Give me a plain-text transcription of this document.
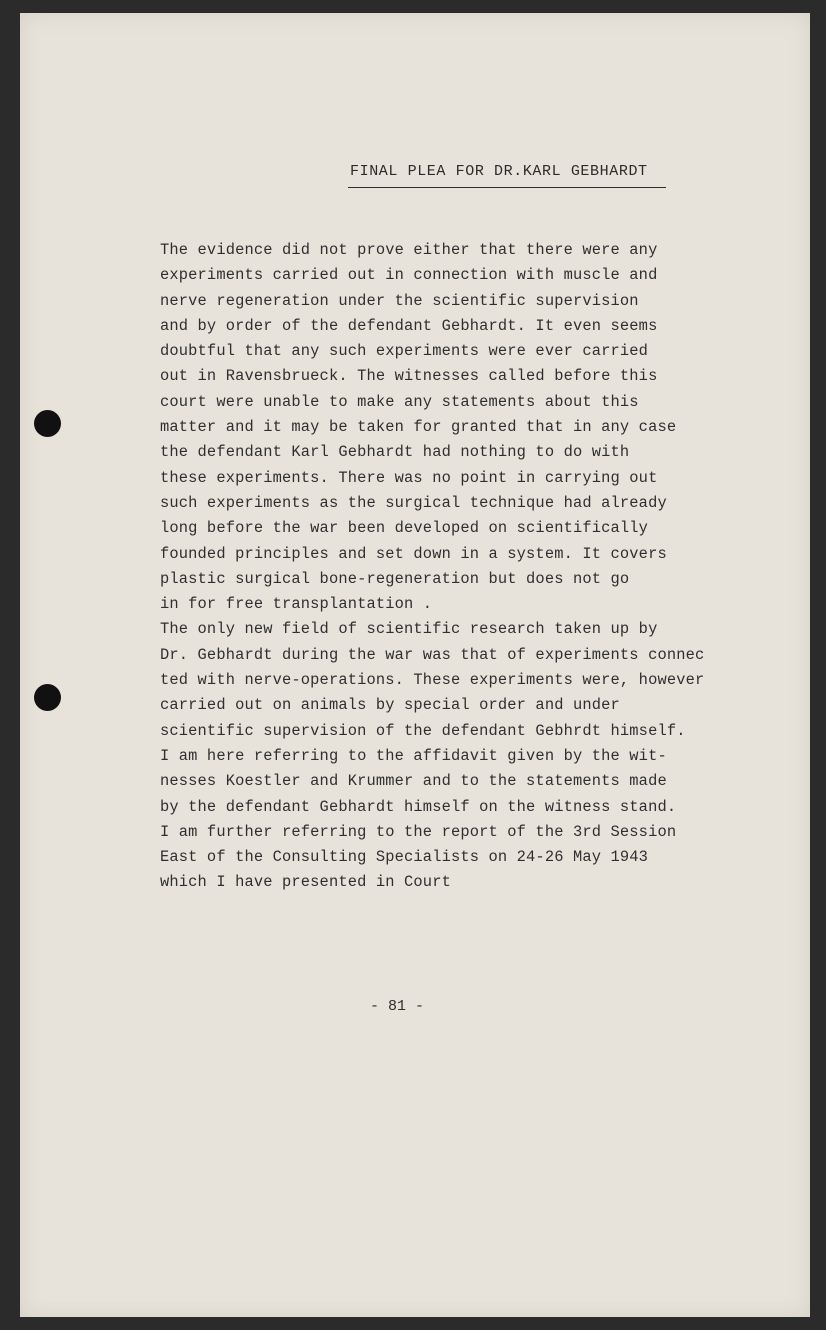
FINAL PLEA FOR DR.KARL GEBHARDT
The evidence did not prove either that there were any
experiments carried out in connection with muscle and
nerve regeneration under the scientific supervision
and by order of the defendant Gebhardt. It even seems
doubtful that any such experiments were ever carried
out in Ravensbrueck. The witnesses called before this
court were unable to make any statements about this
matter and it may be taken for granted that in any case
the defendant Karl Gebhardt had nothing to do with
these experiments. There was no point in carrying out
such experiments as the surgical technique had already
long before the war been developed on scientifically
founded principles and set down in a system. It covers
plastic surgical bone-regeneration but does not go
in for free transplantation .
The only new field of scientific research taken up by
Dr. Gebhardt during the war was that of experiments connec
ted with nerve-operations. These experiments were, however
carried out on animals by special order and under
scientific supervision of the defendant Gebhrdt himself.
I am here referring to the affidavit given by the wit-
nesses Koestler and Krummer and to the statements made
by the defendant Gebhardt himself on the witness stand.
I am further referring to the report of the 3rd Session
East of the Consulting Specialists on 24-26 May 1943
which I have presented in Court
- 81 -
